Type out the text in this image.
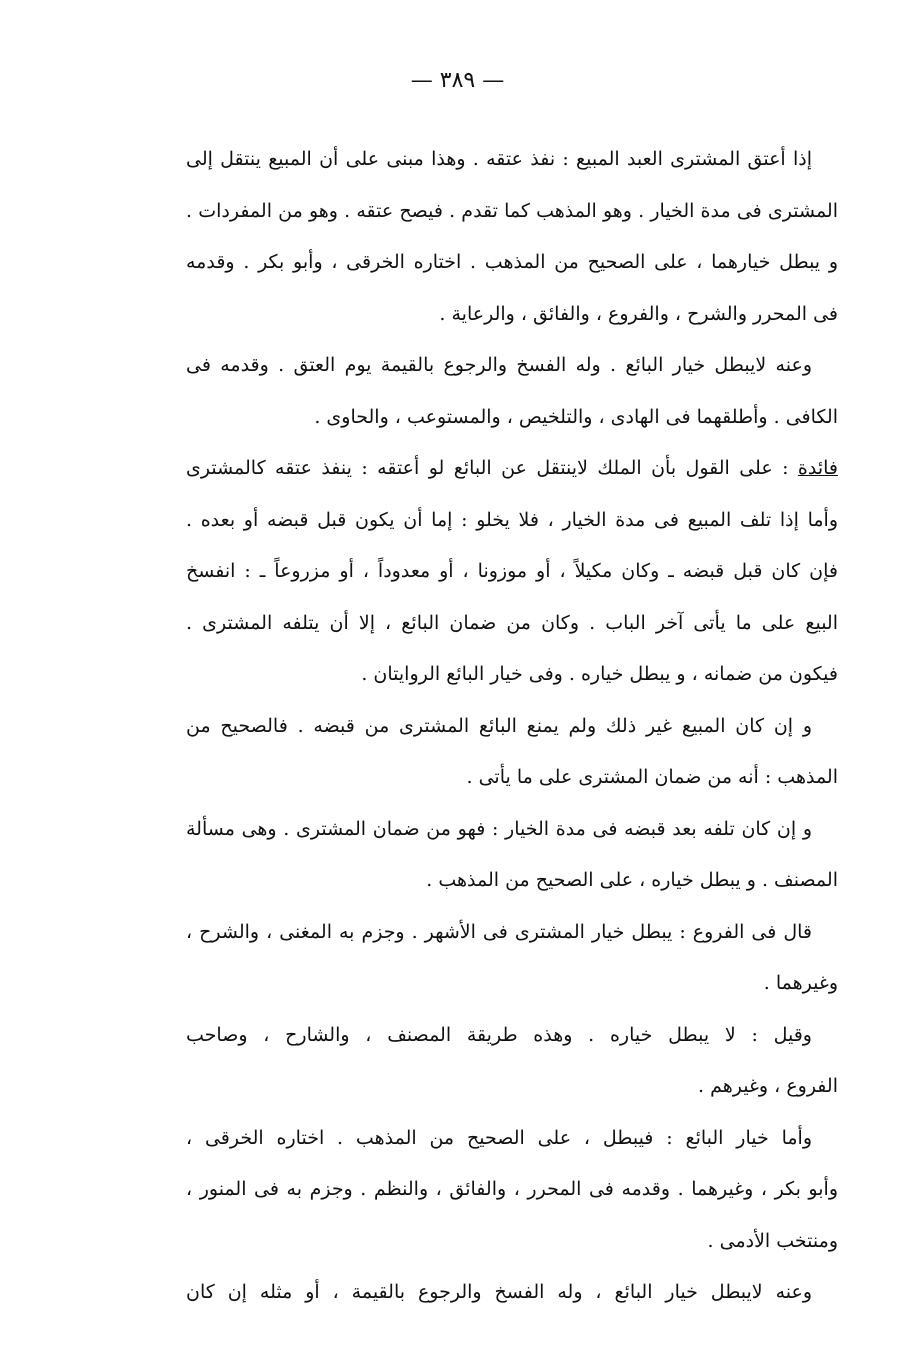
— ٣٨٩ —
إذا أعتق المشترى العبد المبيع : نفذ عتقه . وهذا مبنى على أن المبيع ينتقل إلى
المشترى فى مدة الخيار . وهو المذهب كما تقدم . فيصح عتقه . وهو من المفردات .
و يبطل خيارهما ، على الصحيح من المذهب . اختاره الخرقى ، وأبو بكر . وقدمه
فى المحرر والشرح ، والفروع ، والفائق ، والرعاية .
وعنه لايبطل خيار البائع . وله الفسخ والرجوع بالقيمة يوم العتق . وقدمه فى
الكافى . وأطلقهما فى الهادى ، والتلخيص ، والمستوعب ، والحاوى .
فائدة : على القول بأن الملك لاينتقل عن البائع لو أعتقه : ينفذ عتقه كالمشترى
وأما إذا تلف المبيع فى مدة الخيار ، فلا يخلو : إما أن يكون قبل قبضه أو بعده .
فإن كان قبل قبضه ـ وكان مكيلاً ، أو موزونا ، أو معدوداً ، أو مزروعاً ـ : انفسخ
البيع على ما يأتى آخر الباب . وكان من ضمان البائع ، إلا أن يتلفه المشترى .
فيكون من ضمانه ، و يبطل خياره . وفى خيار البائع الروايتان .
و إن كان المبيع غير ذلك ولم يمنع البائع المشترى من قبضه . فالصحيح من
المذهب : أنه من ضمان المشترى على ما يأتى .
و إن كان تلفه بعد قبضه فى مدة الخيار : فهو من ضمان المشترى . وهى مسألة
المصنف . و يبطل خياره ، على الصحيح من المذهب .
قال فى الفروع : يبطل خيار المشترى فى الأشهر . وجزم به المغنى ، والشرح ،
وغيرهما .
وقيل : لا يبطل خياره . وهذه طريقة المصنف ، والشارح ، وصاحب
الفروع ، وغيرهم .
وأما خيار البائع : فيبطل ، على الصحيح من المذهب . اختاره الخرقى ،
وأبو بكر ، وغيرهما . وقدمه فى المحرر ، والفائق ، والنظم . وجزم به فى المنور ،
ومنتخب الأدمى .
وعنه لايبطل خيار البائع ، وله الفسخ والرجوع بالقيمة ، أو مثله إن كان
